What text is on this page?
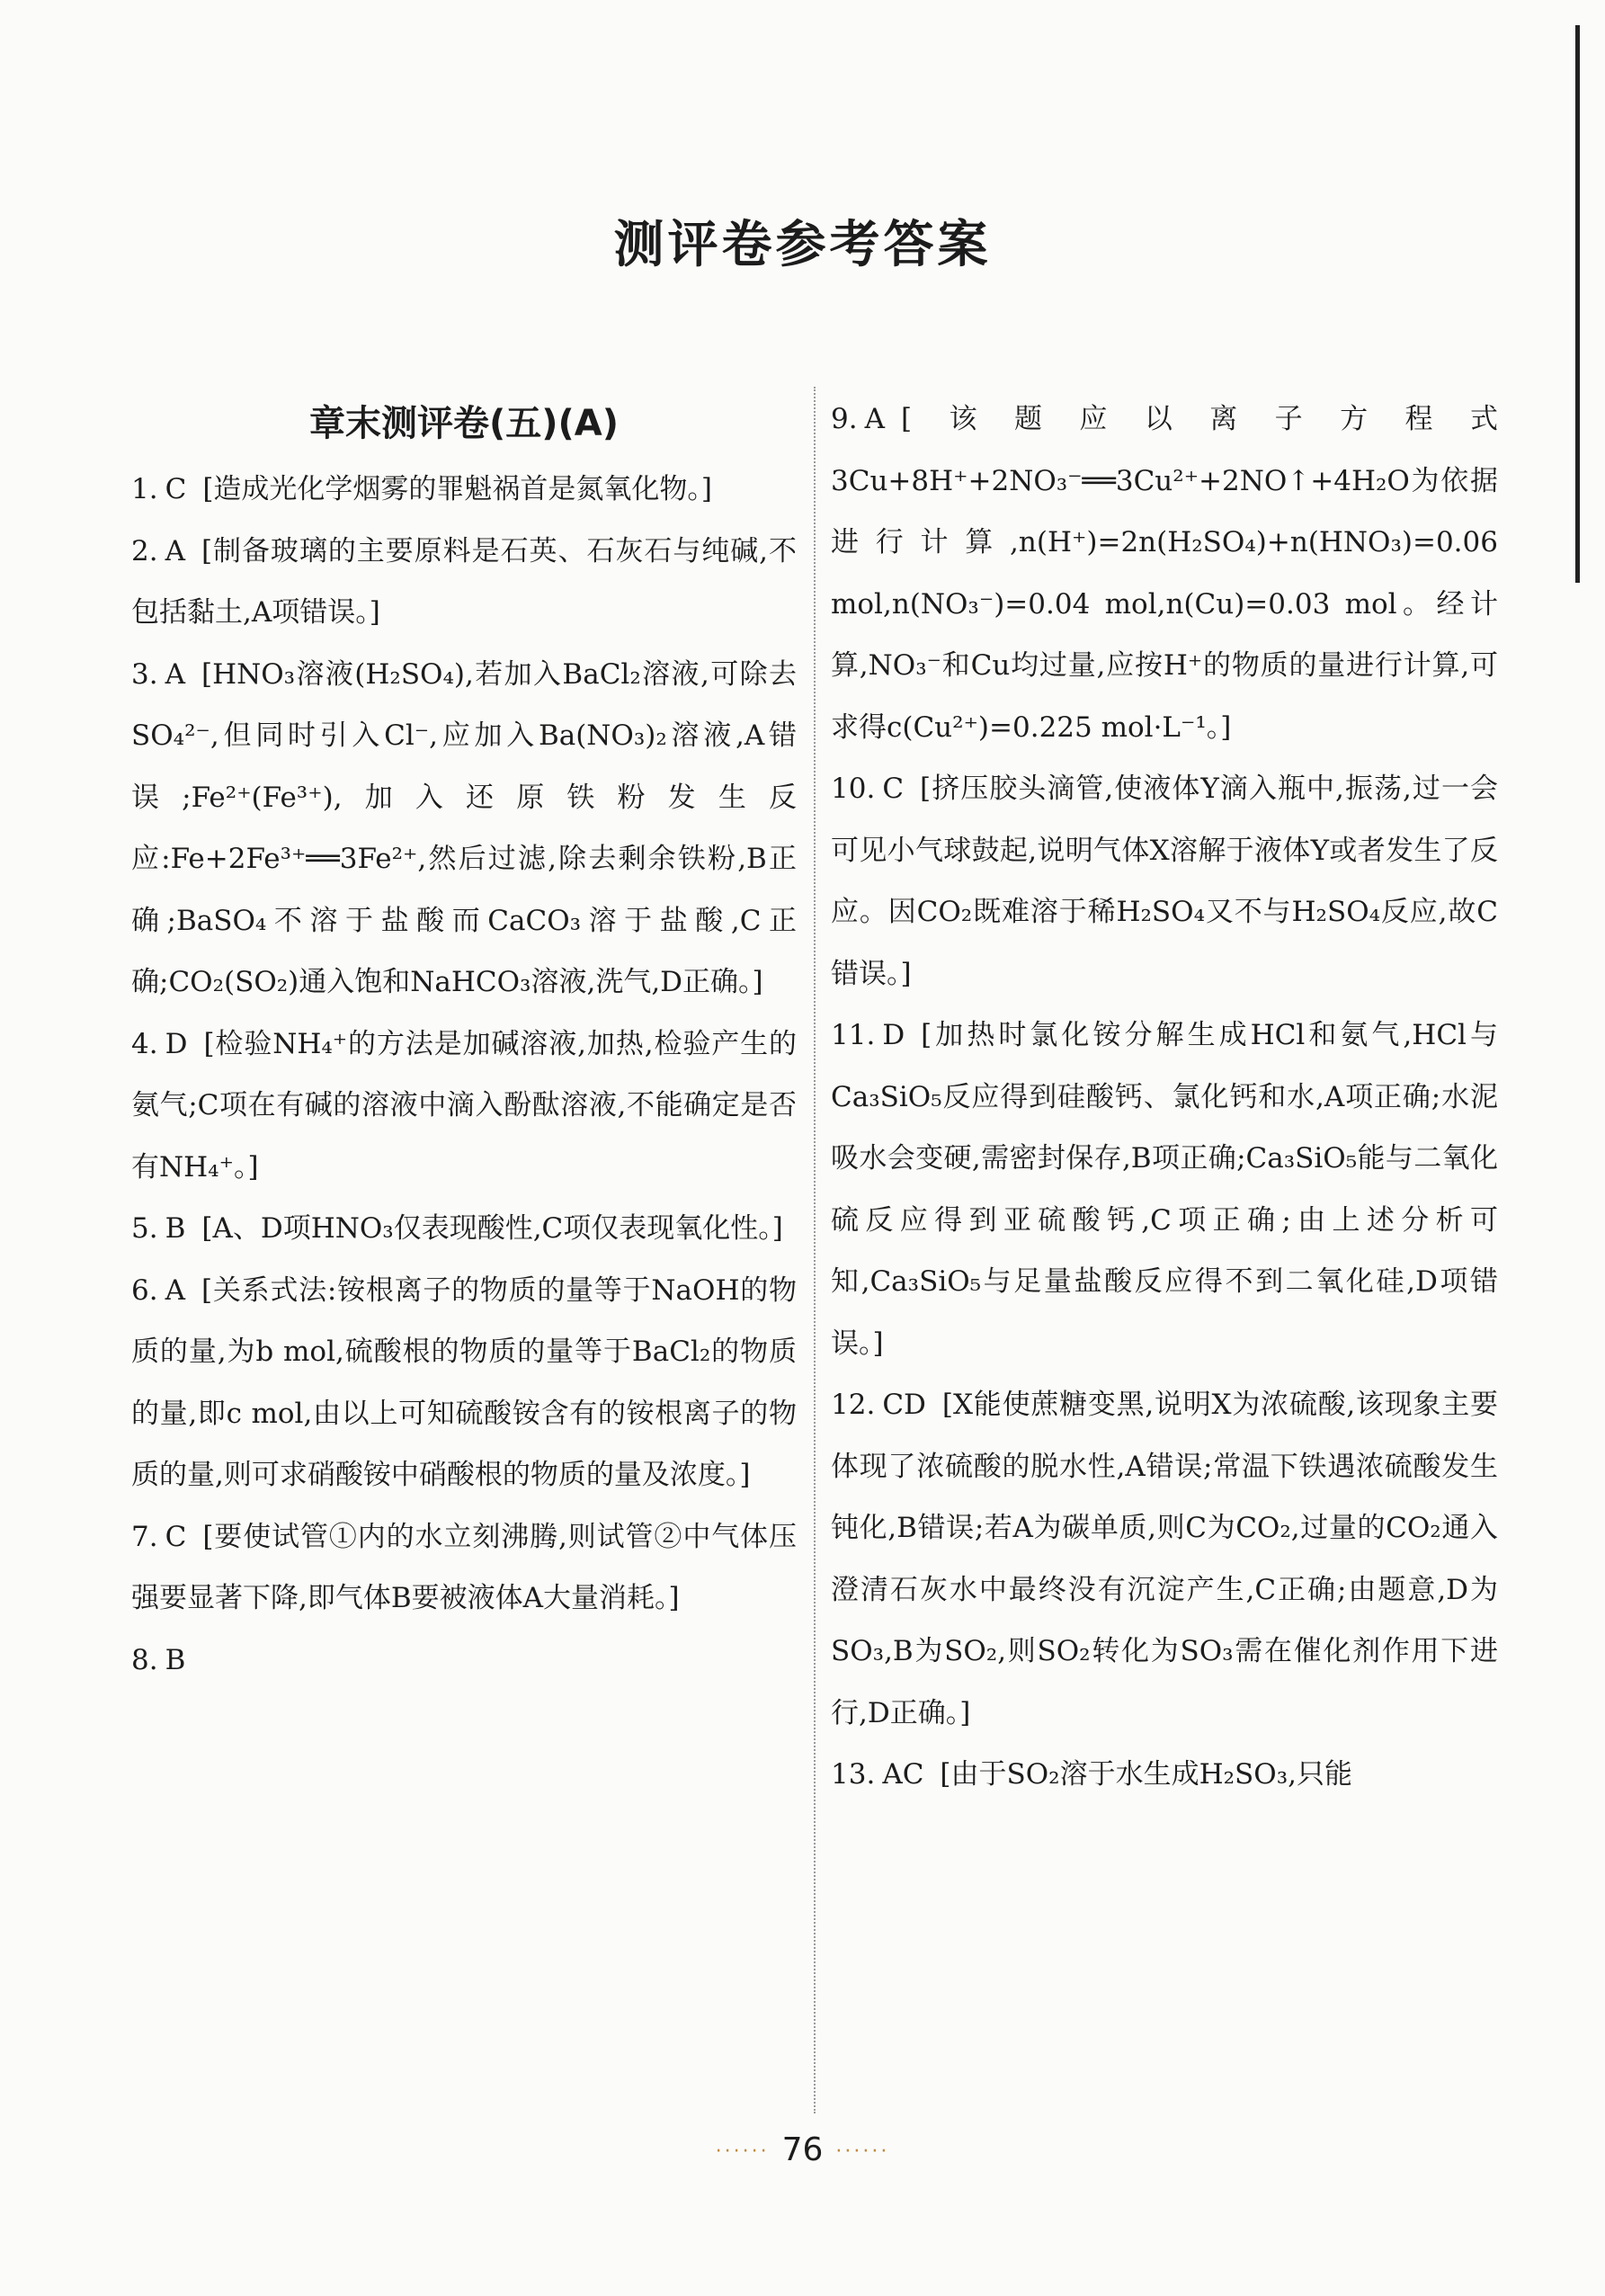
测评卷参考答案
章末测评卷(五)(A)
1. C [造成光化学烟雾的罪魁祸首是氮氧化物。]
2. A [制备玻璃的主要原料是石英、石灰石与纯碱,不包括黏土,A项错误。]
3. A [HNO₃溶液(H₂SO₄),若加入BaCl₂溶液,可除去SO₄²⁻,但同时引入Cl⁻,应加入Ba(NO₃)₂溶液,A错误;Fe²⁺(Fe³⁺),加入还原铁粉发生反应:Fe+2Fe³⁺══3Fe²⁺,然后过滤,除去剩余铁粉,B正确;BaSO₄不溶于盐酸而CaCO₃溶于盐酸,C正确;CO₂(SO₂)通入饱和NaHCO₃溶液,洗气,D正确。]
4. D [检验NH₄⁺的方法是加碱溶液,加热,检验产生的氨气;C项在有碱的溶液中滴入酚酞溶液,不能确定是否有NH₄⁺。]
5. B [A、D项HNO₃仅表现酸性,C项仅表现氧化性。]
6. A [关系式法:铵根离子的物质的量等于NaOH的物质的量,为b mol,硫酸根的物质的量等于BaCl₂的物质的量,即c mol,由以上可知硫酸铵含有的铵根离子的物质的量,则可求硝酸铵中硝酸根的物质的量及浓度。]
7. C [要使试管①内的水立刻沸腾,则试管②中气体压强要显著下降,即气体B要被液体A大量消耗。]
8. B
9. A [该题应以离子方程式3Cu+8H⁺+2NO₃⁻══3Cu²⁺+2NO↑+4H₂O为依据进行计算,n(H⁺)=2n(H₂SO₄)+n(HNO₃)=0.06 mol,n(NO₃⁻)=0.04 mol,n(Cu)=0.03 mol。经计算,NO₃⁻和Cu均过量,应按H⁺的物质的量进行计算,可求得c(Cu²⁺)=0.225 mol·L⁻¹。]
10. C [挤压胶头滴管,使液体Y滴入瓶中,振荡,过一会可见小气球鼓起,说明气体X溶解于液体Y或者发生了反应。因CO₂既难溶于稀H₂SO₄又不与H₂SO₄反应,故C错误。]
11. D [加热时氯化铵分解生成HCl和氨气,HCl与Ca₃SiO₅反应得到硅酸钙、氯化钙和水,A项正确;水泥吸水会变硬,需密封保存,B项正确;Ca₃SiO₅能与二氧化硫反应得到亚硫酸钙,C项正确;由上述分析可知,Ca₃SiO₅与足量盐酸反应得不到二氧化硅,D项错误。]
12. CD [X能使蔗糖变黑,说明X为浓硫酸,该现象主要体现了浓硫酸的脱水性,A错误;常温下铁遇浓硫酸发生钝化,B错误;若A为碳单质,则C为CO₂,过量的CO₂通入澄清石灰水中最终没有沉淀产生,C正确;由题意,D为SO₃,B为SO₂,则SO₂转化为SO₃需在催化剂作用下进行,D正确。]
13. AC [由于SO₂溶于水生成H₂SO₃,只能
······ 76 ······
